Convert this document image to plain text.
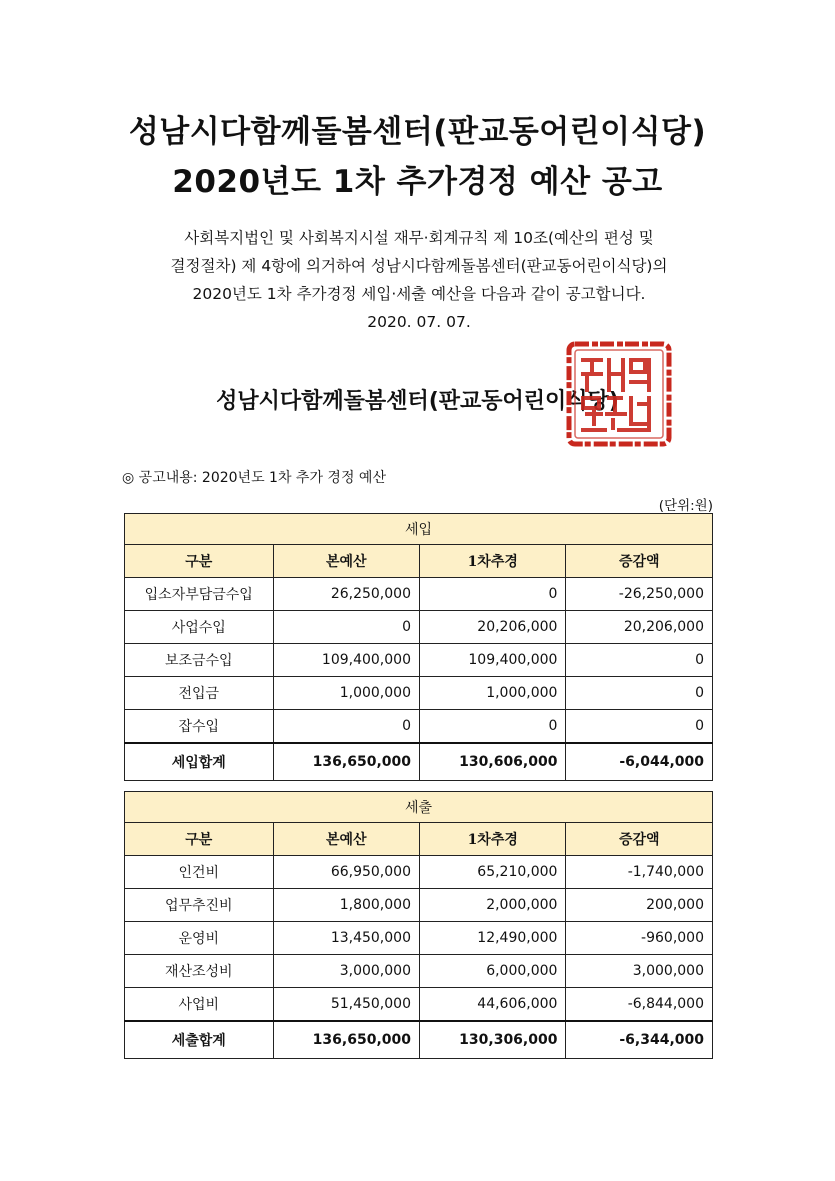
성남시다함께돌봄센터(판교동어린이식당)
2020년도 1차 추가경정 예산 공고
사회복지법인 및 사회복지시설 재무·회계규칙 제 10조(예산의 편성 및
결정절차) 제 4항에 의거하여 성남시다함께돌봄센터(판교동어린이식당)의
2020년도 1차 추가경정 세입·세출 예산을 다음과 같이 공고합니다.
2020. 07. 07.
성남시다함께돌봄센터(판교동어린이식당)
◎ 공고내용: 2020년도 1차 추가 경정 예산
(단위:원)
세입			
구분	본예산	1차추경	증감액
입소자부담금수입	26,250,000	0	-26,250,000
사업수입	0	20,206,000	20,206,000
보조금수입	109,400,000	109,400,000	0
전입금	1,000,000	1,000,000	0
잡수입	0	0	0
세입합계	136,650,000	130,606,000	-6,044,000
세출			
구분	본예산	1차추경	증감액
인건비	66,950,000	65,210,000	-1,740,000
업무추진비	1,800,000	2,000,000	200,000
운영비	13,450,000	12,490,000	-960,000
재산조성비	3,000,000	6,000,000	3,000,000
사업비	51,450,000	44,606,000	-6,844,000
세출합계	136,650,000	130,306,000	-6,344,000
